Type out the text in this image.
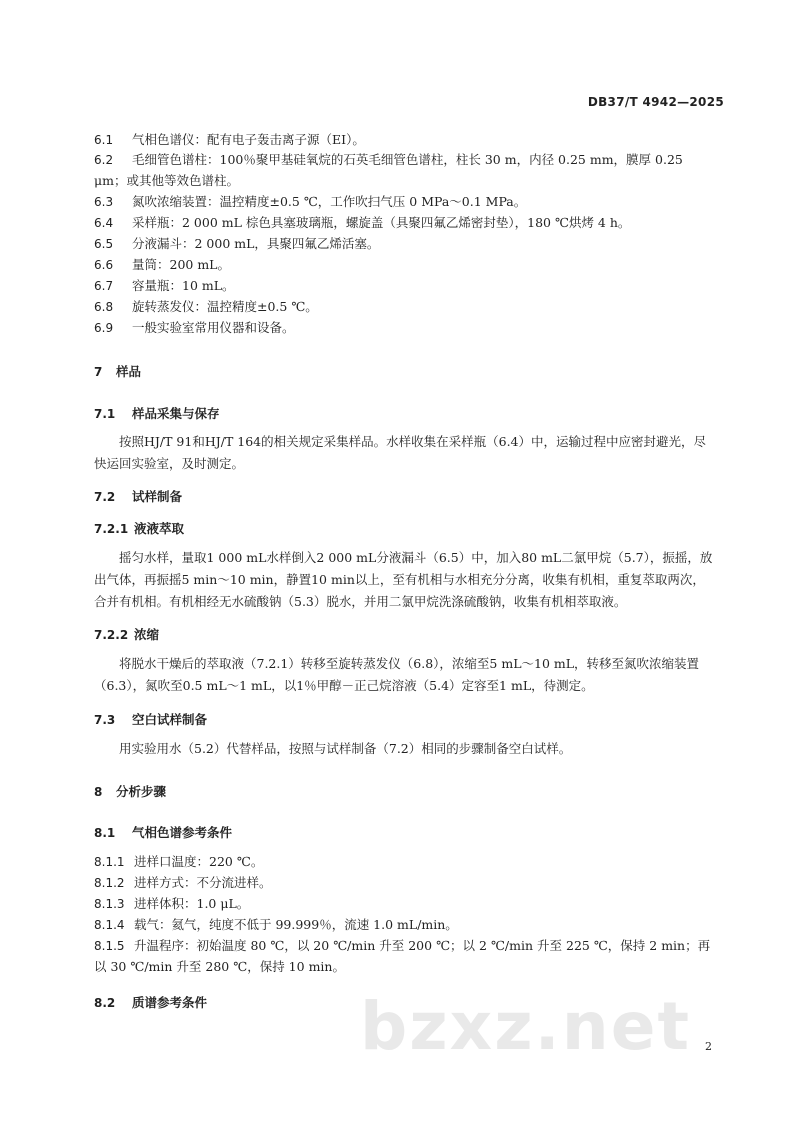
DB37/T 4942—2025
6.1 气相色谱仪：配有电子轰击离子源（EI）。
6.2 毛细管色谱柱：100％聚甲基硅氧烷的石英毛细管色谱柱，柱长 30 m，内径 0.25 mm，膜厚 0.25 μm；或其他等效色谱柱。
6.3 氮吹浓缩装置：温控精度±0.5 ℃，工作吹扫气压 0 MPa～0.1 MPa。
6.4 采样瓶：2 000 mL 棕色具塞玻璃瓶，螺旋盖（具聚四氟乙烯密封垫），180 ℃烘烤 4 h。
6.5 分液漏斗：2 000 mL，具聚四氟乙烯活塞。
6.6 量筒：200 mL。
6.7 容量瓶：10 mL。
6.8 旋转蒸发仪：温控精度±0.5 ℃。
6.9 一般实验室常用仪器和设备。
7 样品
7.1 样品采集与保存
按照HJ/T 91和HJ/T 164的相关规定采集样品。水样收集在采样瓶（6.4）中，运输过程中应密封避光，尽快运回实验室，及时测定。
7.2 试样制备
7.2.1 液液萃取
摇匀水样，量取1 000 mL水样倒入2 000 mL分液漏斗（6.5）中，加入80 mL二氯甲烷（5.7），振摇，放出气体，再振摇5 min～10 min，静置10 min以上，至有机相与水相充分分离，收集有机相，重复萃取两次，合并有机相。有机相经无水硫酸钠（5.3）脱水，并用二氯甲烷洗涤硫酸钠，收集有机相萃取液。
7.2.2 浓缩
将脱水干燥后的萃取液（7.2.1）转移至旋转蒸发仪（6.8），浓缩至5 mL～10 mL，转移至氮吹浓缩装置（6.3），氮吹至0.5 mL～1 mL，以1％甲醇－正己烷溶液（5.4）定容至1 mL，待测定。
7.3 空白试样制备
用实验用水（5.2）代替样品，按照与试样制备（7.2）相同的步骤制备空白试样。
8 分析步骤
8.1 气相色谱参考条件
8.1.1 进样口温度：220 ℃。
8.1.2 进样方式：不分流进样。
8.1.3 进样体积：1.0 μL。
8.1.4 载气：氦气，纯度不低于 99.999％，流速 1.0 mL/min。
8.1.5 升温程序：初始温度 80 ℃，以 20 ℃/min 升至 200 ℃；以 2 ℃/min 升至 225 ℃，保持 2 min；再以 30 ℃/min 升至 280 ℃，保持 10 min。
8.2 质谱参考条件 bzxz.net 2
